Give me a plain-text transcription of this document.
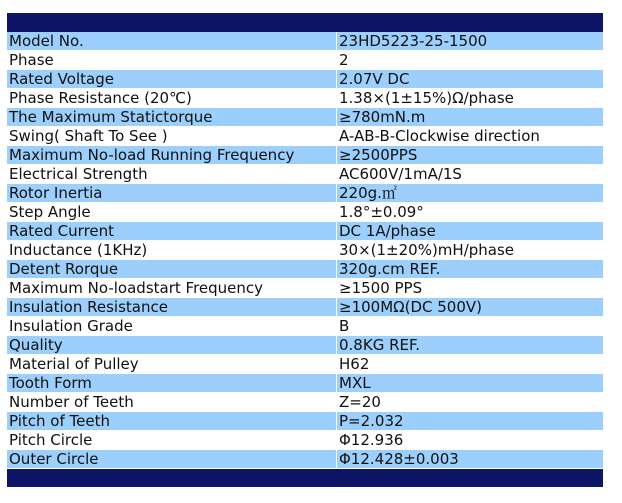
Model No.	23HD5223-25-1500
Phase	2
Rated Voltage	2.07V DC
Phase Resistance (20℃)	1.38×(1±15%)Ω/phase
The Maximum Statictorque	≥780mN.m
Swing( Shaft To See )	A-AB-B-Clockwise direction
Maximum No-load Running Frequency	≥2500PPS
Electrical Strength	AC600V/1mA/1S
Rotor Inertia	220g.㎡
Step Angle	1.8°±0.09°
Rated Current	DC 1A/phase
Inductance (1KHz)	30×(1±20%)mH/phase
Detent Rorque	320g.cm REF.
Maximum No-loadstart Frequency	≥1500 PPS
Insulation Resistance	≥100MΩ(DC 500V)
Insulation Grade	B
Quality	0.8KG REF.
Material of Pulley	H62
Tooth Form	MXL
Number of Teeth	Z=20
Pitch of Teeth	P=2.032
Pitch Circle	Φ12.936
Outer Circle	Φ12.428±0.003
